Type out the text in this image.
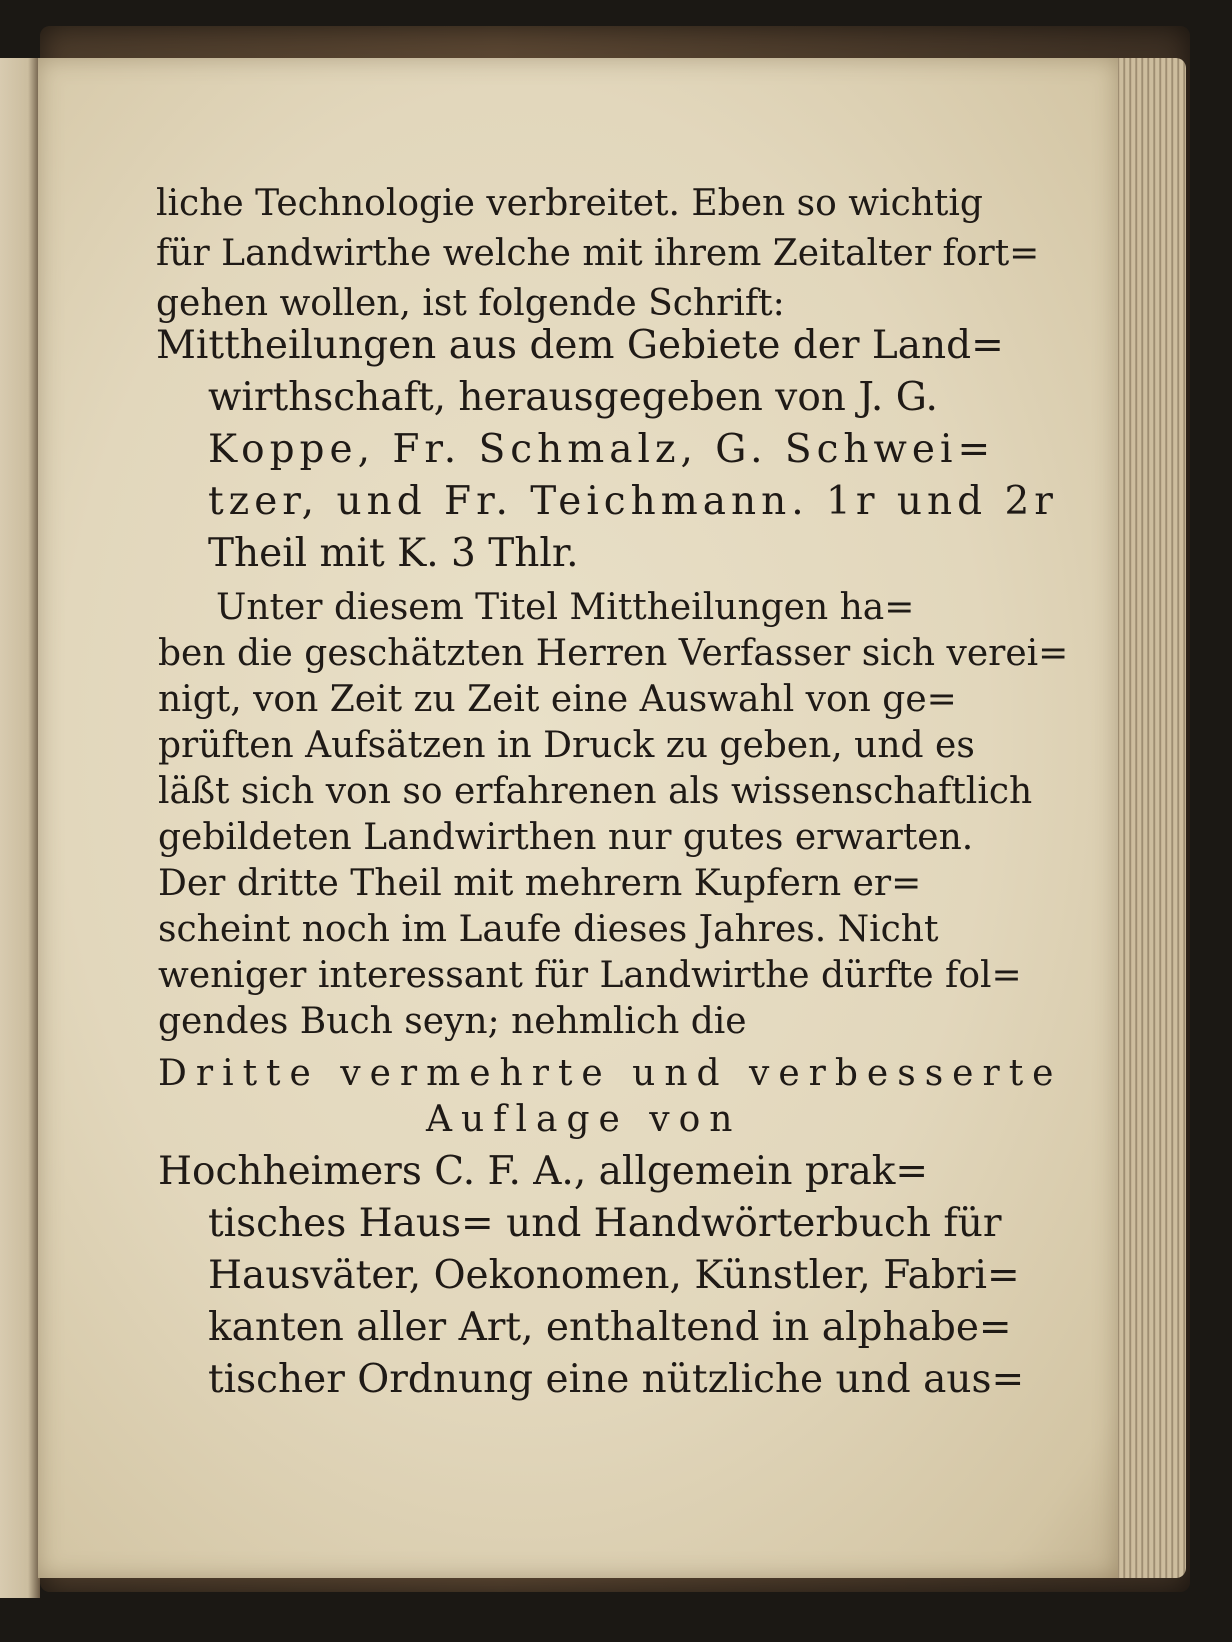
liche Technologie verbreitet. Eben so wichtig

für Landwirthe welche mit ihrem Zeitalter fort=

gehen wollen, ist folgende Schrift:

Mittheilungen aus dem Gebiete der Land=

wirthschaft, herausgegeben von J. G.

Koppe, Fr. Schmalz, G. Schwei=

tzer, und Fr. Teichmann. 1r und 2r

Theil mit K. 3 Thlr.

Unter diesem Titel Mittheilungen ha=

ben die geschätzten Herren Verfasser sich verei=

nigt, von Zeit zu Zeit eine Auswahl von ge=

prüften Aufsätzen in Druck zu geben, und es

läßt sich von so erfahrenen als wissenschaftlich

gebildeten Landwirthen nur gutes erwarten.

Der dritte Theil mit mehrern Kupfern er=

scheint noch im Laufe dieses Jahres. Nicht

weniger interessant für Landwirthe dürfte fol=

gendes Buch seyn; nehmlich die

Dritte vermehrte und verbesserte

Auflage von

Hochheimers C. F. A., allgemein prak=

tisches Haus= und Handwörterbuch für

Hausväter, Oekonomen, Künstler, Fabri=

kanten aller Art, enthaltend in alphabe=

tischer Ordnung eine nützliche und aus=
